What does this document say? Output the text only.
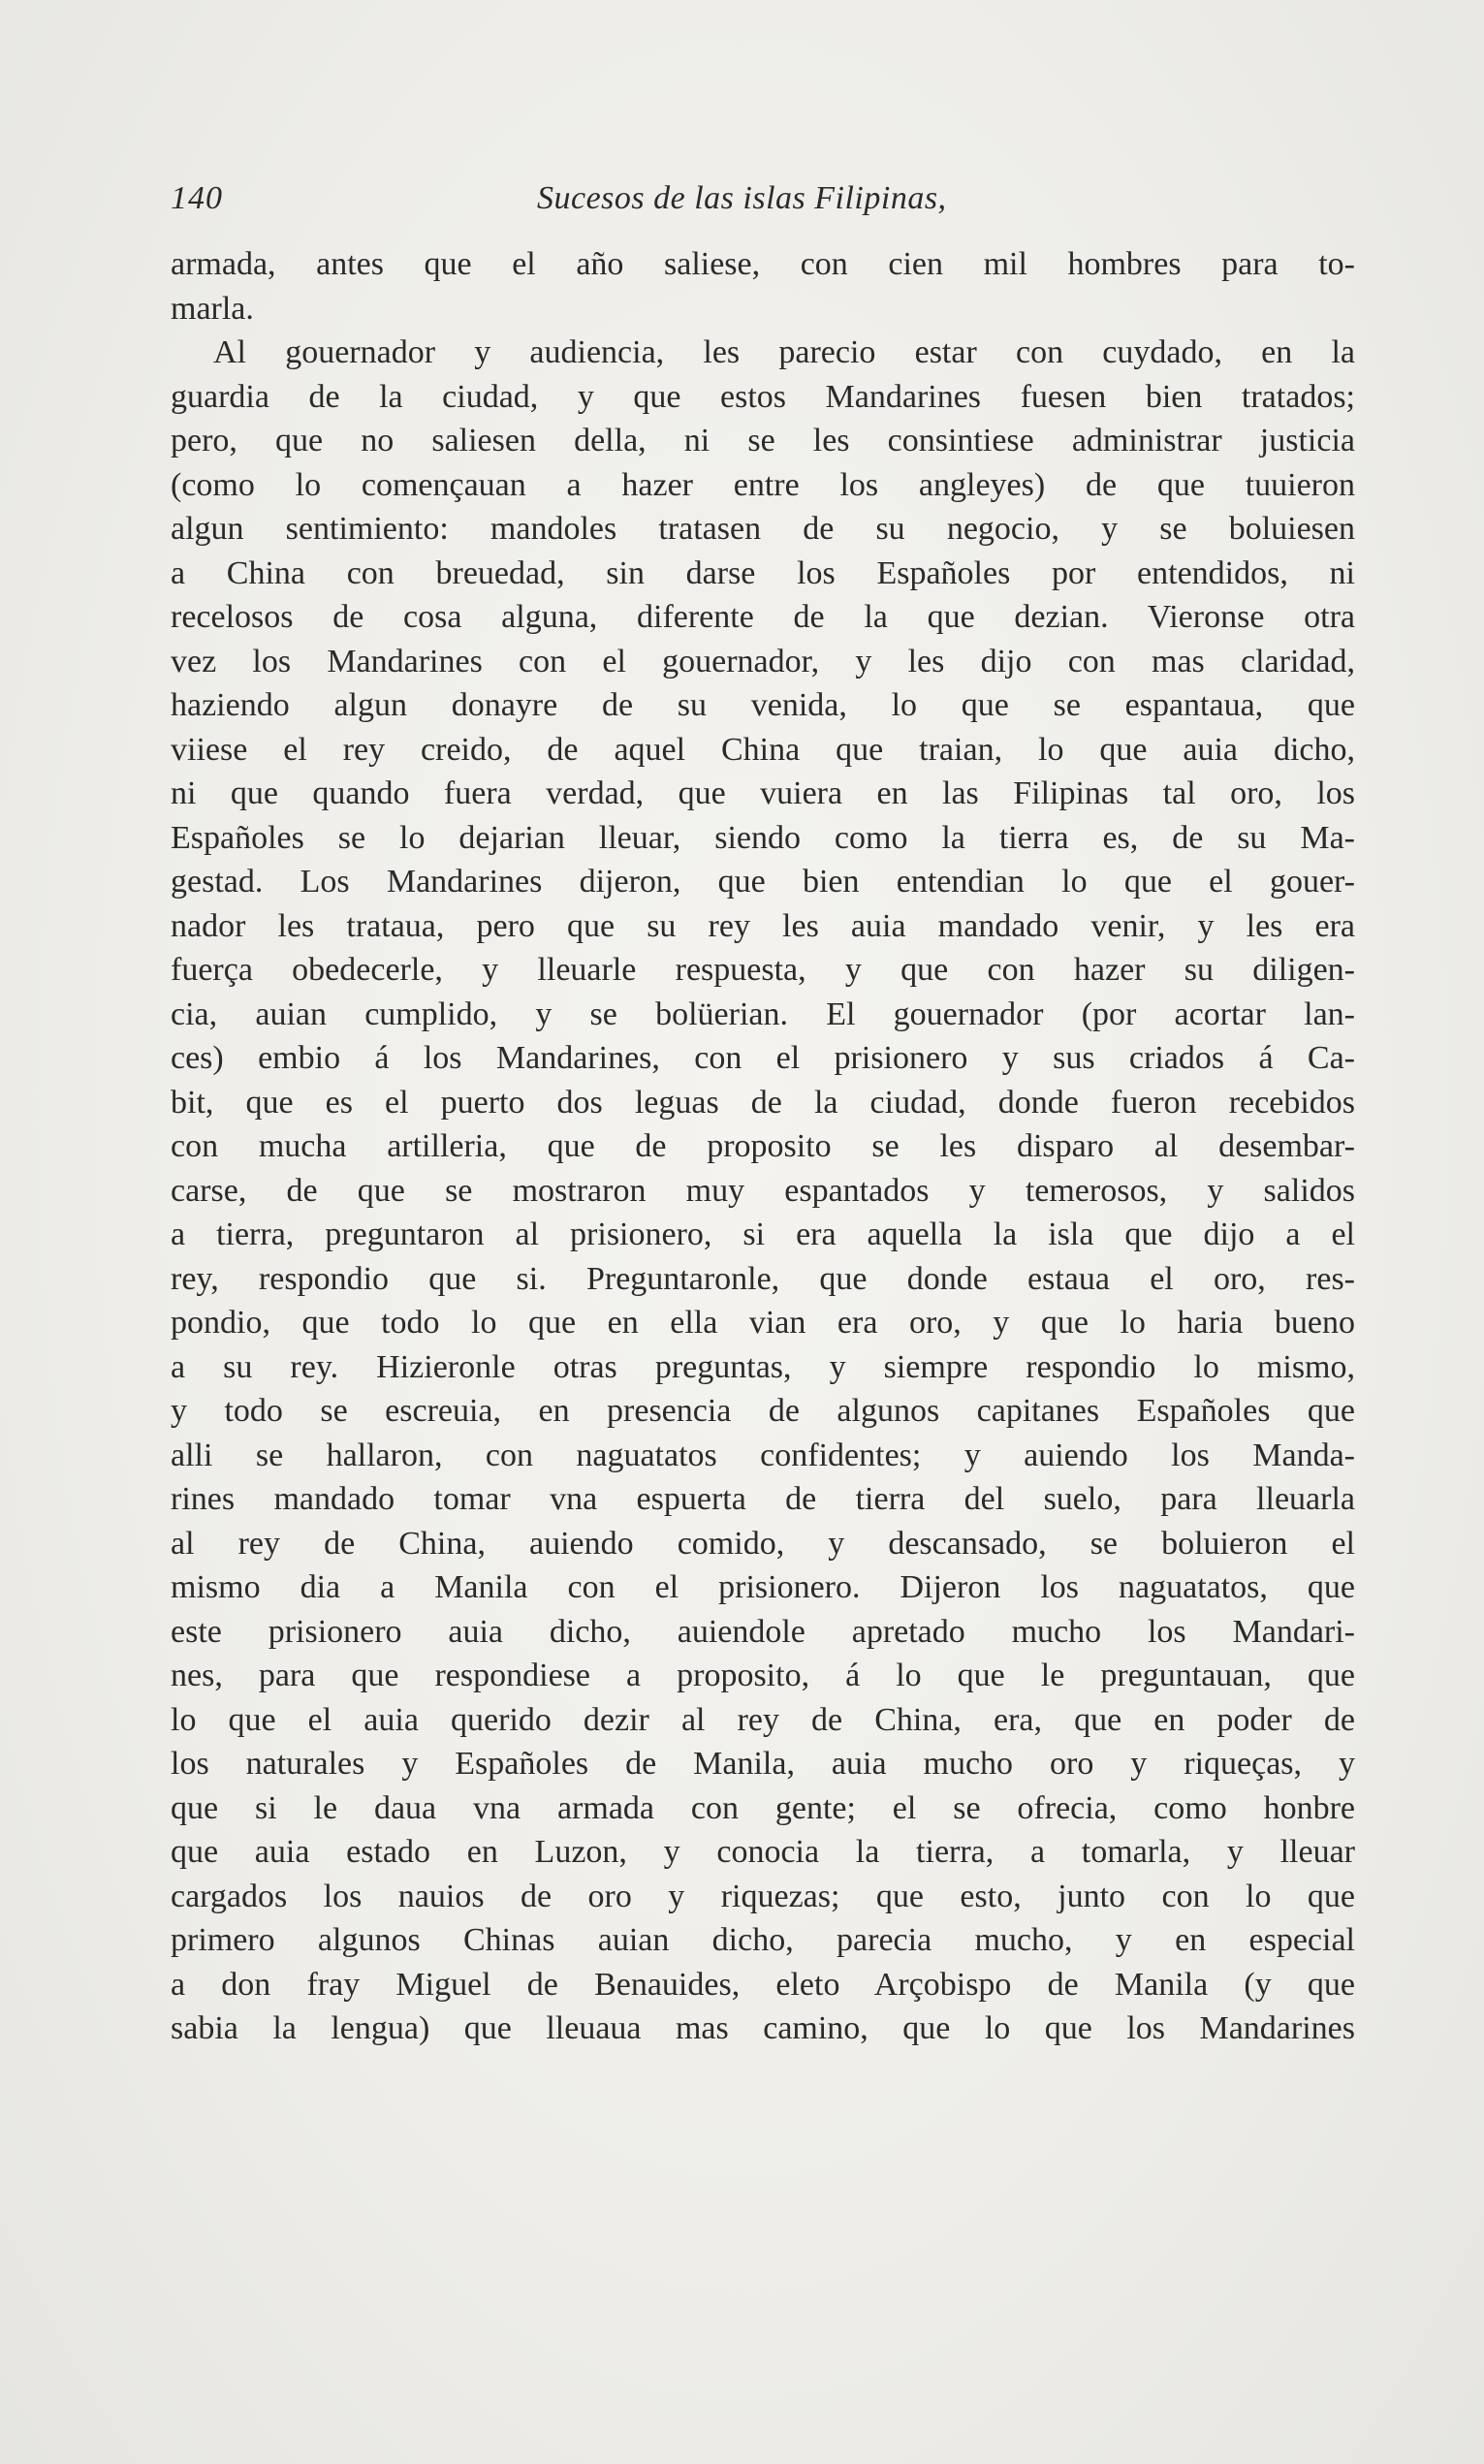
140	Sucesos de las islas Filipinas,
armada, antes que el año saliese, con cien mil hombres para to-
marla.
Al gouernador y audiencia, les parecio estar con cuydado, en la
guardia de la ciudad, y que estos Mandarines fuesen bien tratados;
pero, que no saliesen della, ni se les consintiese administrar justicia
(como lo començauan a hazer entre los angleyes) de que tuuieron
algun sentimiento: mandoles tratasen de su negocio, y se boluiesen
a China con breuedad, sin darse los Españoles por entendidos, ni
recelosos de cosa alguna, diferente de la que dezian. Vieronse otra
vez los Mandarines con el gouernador, y les dijo con mas claridad,
haziendo algun donayre de su venida, lo que se espantaua, que
viiese el rey creido, de aquel China que traian, lo que auia dicho,
ni que quando fuera verdad, que vuiera en las Filipinas tal oro, los
Españoles se lo dejarian lleuar, siendo como la tierra es, de su Ma-
gestad. Los Mandarines dijeron, que bien entendian lo que el gouer-
nador les trataua, pero que su rey les auia mandado venir, y les era
fuerça obedecerle, y lleuarle respuesta, y que con hazer su diligen-
cia, auian cumplido, y se bolüerian. El gouernador (por acortar lan-
ces) embio á los Mandarines, con el prisionero y sus criados á Ca-
bit, que es el puerto dos leguas de la ciudad, donde fueron recebidos
con mucha artilleria, que de proposito se les disparo al desembar-
carse, de que se mostraron muy espantados y temerosos, y salidos
a tierra, preguntaron al prisionero, si era aquella la isla que dijo a el
rey, respondio que si. Preguntaronle, que donde estaua el oro, res-
pondio, que todo lo que en ella vian era oro, y que lo haria bueno
a su rey. Hizieronle otras preguntas, y siempre respondio lo mismo,
y todo se escreuia, en presencia de algunos capitanes Españoles que
alli se hallaron, con naguatatos confidentes; y auiendo los Manda-
rines mandado tomar vna espuerta de tierra del suelo, para lleuarla
al rey de China, auiendo comido, y descansado, se boluieron el
mismo dia a Manila con el prisionero. Dijeron los naguatatos, que
este prisionero auia dicho, auiendole apretado mucho los Mandari-
nes, para que respondiese a proposito, á lo que le preguntauan, que
lo que el auia querido dezir al rey de China, era, que en poder de
los naturales y Españoles de Manila, auia mucho oro y riqueças, y
que si le daua vna armada con gente; el se ofrecia, como honbre
que auia estado en Luzon, y conocia la tierra, a tomarla, y lleuar
cargados los nauios de oro y riquezas; que esto, junto con lo que
primero algunos Chinas auian dicho, parecia mucho, y en especial
a don fray Miguel de Benauides, eleto Arçobispo de Manila (y que
sabia la lengua) que lleuaua mas camino, que lo que los Mandarines
